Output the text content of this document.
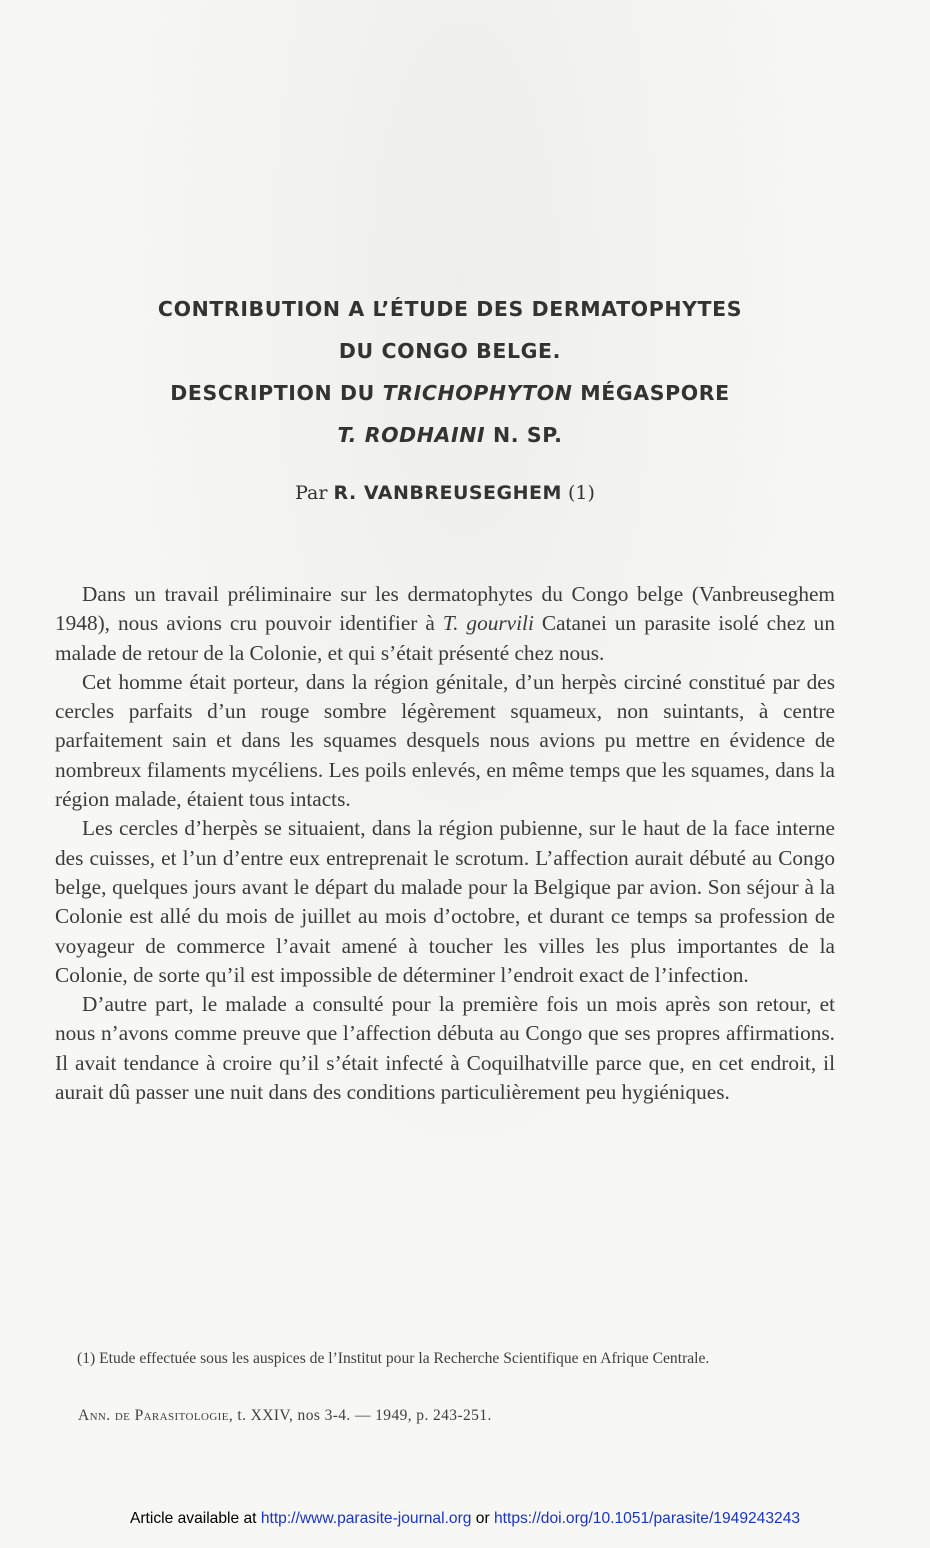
CONTRIBUTION A L’ÉTUDE DES DERMATOPHYTES
DU CONGO BELGE.
DESCRIPTION DU TRICHOPHYTON MÉGASPORE
T. RODHAINI N. SP.
Par R. VANBREUSEGHEM (1)

Dans un travail préliminaire sur les dermatophytes du Congo belge (Vanbreuseghem 1948), nous avions cru pouvoir identifier à T. gourvili Catanei un parasite isolé chez un malade de retour de la Colonie, et qui s’était présenté chez nous.

Cet homme était porteur, dans la région génitale, d’un herpès circiné constitué par des cercles parfaits d’un rouge sombre légèrement squameux, non suintants, à centre parfaitement sain et dans les squames desquels nous avions pu mettre en évidence de nombreux filaments mycéliens. Les poils enlevés, en même temps que les squames, dans la région malade, étaient tous intacts.

Les cercles d’herpès se situaient, dans la région pubienne, sur le haut de la face interne des cuisses, et l’un d’entre eux entreprenait le scrotum. L’affection aurait débuté au Congo belge, quelques jours avant le départ du malade pour la Belgique par avion. Son séjour à la Colonie est allé du mois de juillet au mois d’octobre, et durant ce temps sa profession de voyageur de commerce l’avait amené à toucher les villes les plus importantes de la Colonie, de sorte qu’il est impossible de déterminer l’endroit exact de l’infection.

D’autre part, le malade a consulté pour la première fois un mois après son retour, et nous n’avons comme preuve que l’affection débuta au Congo que ses propres affirmations. Il avait tendance à croire qu’il s’était infecté à Coquilhatville parce que, en cet endroit, il aurait dû passer une nuit dans des conditions particulièrement peu hygiéniques.

(1) Etude effectuée sous les auspices de l’Institut pour la Recherche Scientifique en Afrique Centrale.
Ann. de Parasitologie, t. XXIV, nos 3-4. — 1949, p. 243-251.
Article available at http://www.parasite-journal.org or https://doi.org/10.1051/parasite/1949243243
